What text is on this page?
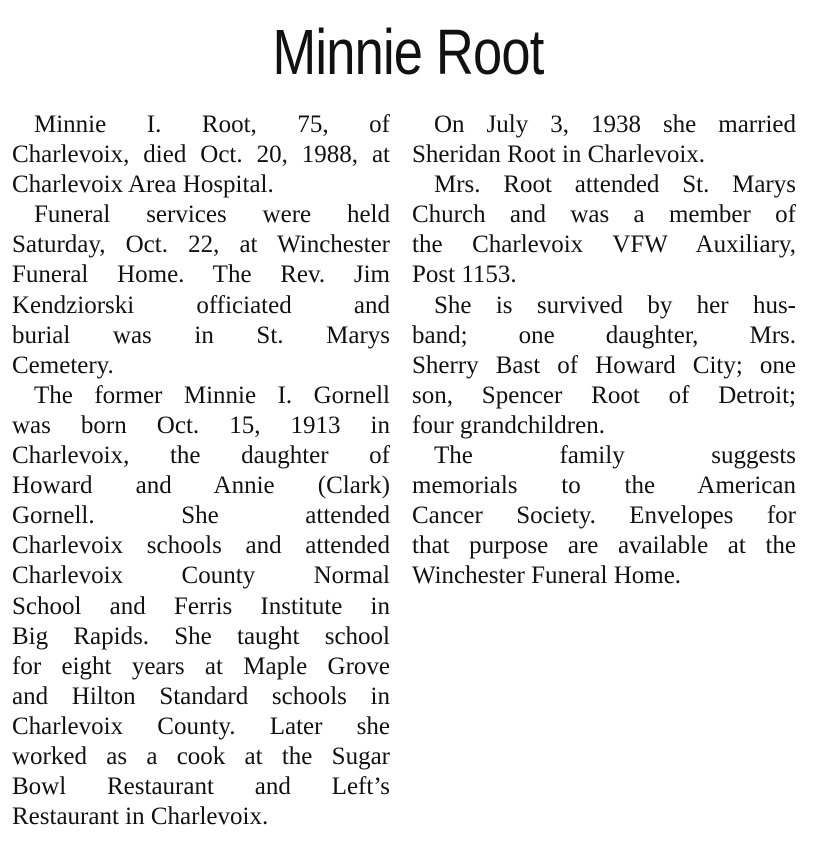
Minnie Root
Minnie I. Root, 75, of
Charlevoix, died Oct. 20, 1988, at
Charlevoix Area Hospital.
Funeral services were held
Saturday, Oct. 22, at Winchester
Funeral Home. The Rev. Jim
Kendziorski officiated and
burial was in St. Marys
Cemetery.
The former Minnie I. Gornell
was born Oct. 15, 1913 in
Charlevoix, the daughter of
Howard and Annie (Clark)
Gornell. She attended
Charlevoix schools and attended
Charlevoix County Normal
School and Ferris Institute in
Big Rapids. She taught school
for eight years at Maple Grove
and Hilton Standard schools in
Charlevoix County. Later she
worked as a cook at the Sugar
Bowl Restaurant and Left’s
Restaurant in Charlevoix.
On July 3, 1938 she married
Sheridan Root in Charlevoix.
Mrs. Root attended St. Marys
Church and was a member of
the Charlevoix VFW Auxiliary,
Post 1153.
She is survived by her hus-
band; one daughter, Mrs.
Sherry Bast of Howard City; one
son, Spencer Root of Detroit;
four grandchildren.
The family suggests
memorials to the American
Cancer Society. Envelopes for
that purpose are available at the
Winchester Funeral Home.
